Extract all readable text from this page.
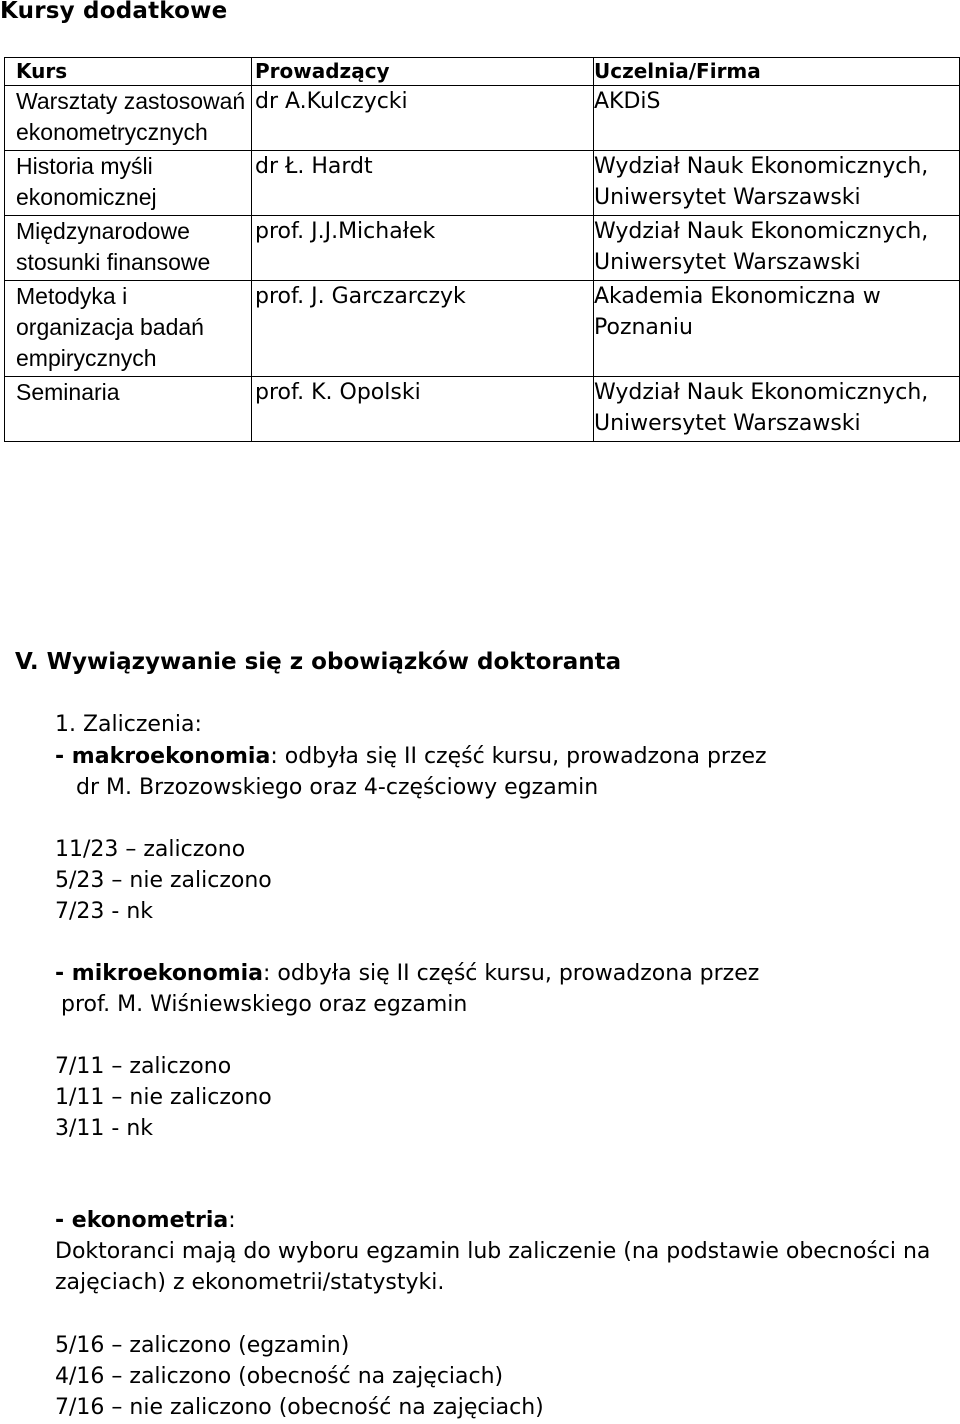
Kursy dodatkowe
Kurs	Prowadzący	Uczelnia/Firma
Warsztaty zastosowań ekonometrycznych	dr A.Kulczycki	AKDiS
Historia myśli ekonomicznej	dr Ł. Hardt	Wydział Nauk Ekonomicznych, Uniwersytet Warszawski
Międzynarodowe stosunki finansowe	prof. J.J.Michałek	Wydział Nauk Ekonomicznych, Uniwersytet Warszawski
Metodyka i organizacja badań empirycznych	prof. J. Garczarczyk	Akademia Ekonomiczna w Poznaniu
Seminaria	prof. K. Opolski	Wydział Nauk Ekonomicznych, Uniwersytet Warszawski
V. Wywiązywanie się z obowiązków doktoranta
1. Zaliczenia:
- makroekonomia: odbyła się II część kursu, prowadzona przez
dr M. Brzozowskiego oraz 4-częściowy egzamin
11/23 – zaliczono
5/23 – nie zaliczono
7/23 - nk
- mikroekonomia: odbyła się II część kursu, prowadzona przez
prof. M. Wiśniewskiego oraz egzamin
7/11 – zaliczono
1/11 – nie zaliczono
3/11 - nk
- ekonometria:
Doktoranci mają do wyboru egzamin lub zaliczenie (na podstawie obecności na
zajęciach) z ekonometrii/statystyki.
5/16 – zaliczono (egzamin)
4/16 – zaliczono (obecność na zajęciach)
7/16 – nie zaliczono (obecność na zajęciach)
